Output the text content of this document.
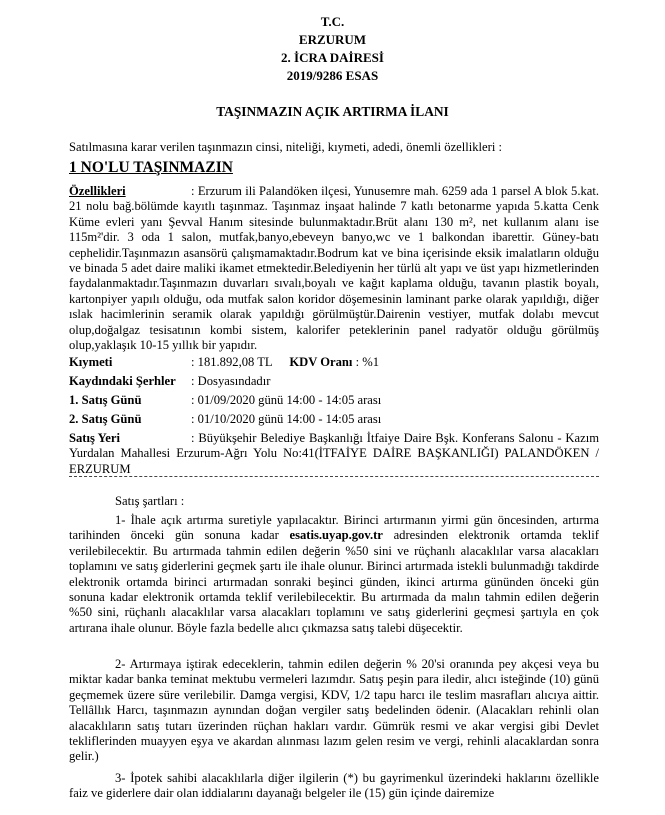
T.C.
ERZURUM
2. İCRA DAİRESİ
2019/9286 ESAS
TAŞINMAZIN AÇIK ARTIRMA İLANI
Satılmasına karar verilen taşınmazın cinsi, niteliği, kıymeti, adedi, önemli özellikleri :
1 NO'LU TAŞINMAZIN
Özellikleri	: Erzurum ili Palandöken ilçesi, Yunusemre mah. 6259 ada 1 parsel A blok 5.kat. 21 nolu bağ.bölümde kayıtlı taşınmaz. Taşınmaz inşaat halinde 7 katlı betonarme yapıda 5.katta Cenk Küme evleri yanı Şevval Hanım sitesinde bulunmaktadır.Brüt alanı 130 m², net kullanım alanı ise 115m²'dir. 3 oda 1 salon, mutfak,banyo,ebeveyn banyo,wc ve 1 balkondan ibarettir. Güney-batı cephelidir.Taşınmazın asansörü çalışmamaktadır.Bodrum kat ve bina içerisinde eksik imalatların olduğu ve binada 5 adet daire maliki ikamet etmektedir.Belediyenin her türlü alt yapı ve üst yapı hizmetlerinden faydalanmaktadır.Taşınmazın duvarları sıvalı,boyalı ve kağıt kaplama olduğu, tavanın plastik boyalı, kartonpiyer yapılı olduğu, oda mutfak salon koridor döşemesinin laminant parke olarak yapıldığı, diğer ıslak hacimlerinin seramik olarak yapıldığı görülmüştür.Dairenin vestiyer, mutfak dolabı mevcut olup,doğalgaz tesisatının kombi sistem, kalorifer peteklerinin panel radyatör olduğu görülmüş olup,yaklaşık 10-15 yıllık bir yapıdır.
Kıymeti	: 181.892,08 TL KDV Oranı : %1
Kaydındaki Şerhler : Dosyasındadır
1. Satış Günü	: 01/09/2020 günü 14:00 - 14:05 arası
2. Satış Günü	: 01/10/2020 günü 14:00 - 14:05 arası
Satış Yeri	: Büyükşehir Belediye Başkanlığı İtfaiye Daire Bşk. Konferans Salonu - Kazım Yurdalan Mahallesi Erzurum-Ağrı Yolu No:41(İTFAİYE DAİRE BAŞKANLIĞI) PALANDÖKEN / ERZURUM
Satış şartları :
1- İhale açık artırma suretiyle yapılacaktır. Birinci artırmanın yirmi gün öncesinden, artırma tarihinden önceki gün sonuna kadar esatis.uyap.gov.tr adresinden elektronik ortamda teklif verilebilecektir. Bu artırmada tahmin edilen değerin %50 sini ve rüçhanlı alacaklılar varsa alacakları toplamını ve satış giderlerini geçmek şartı ile ihale olunur. Birinci artırmada istekli bulunmadığı takdirde elektronik ortamda birinci artırmadan sonraki beşinci günden, ikinci artırma gününden önceki gün sonuna kadar elektronik ortamda teklif verilebilecektir. Bu artırmada da malın tahmin edilen değerin %50 sini, rüçhanlı alacaklılar varsa alacakları toplamını ve satış giderlerini geçmesi şartıyla en çok artırana ihale olunur. Böyle fazla bedelle alıcı çıkmazsa satış talebi düşecektir.
2- Artırmaya iştirak edeceklerin, tahmin edilen değerin % 20'si oranında pey akçesi veya bu miktar kadar banka teminat mektubu vermeleri lazımdır. Satış peşin para iledir, alıcı isteğinde (10) günü geçmemek üzere süre verilebilir. Damga vergisi, KDV, 1/2 tapu harcı ile teslim masrafları alıcıya aittir. Tellâllık Harcı, taşınmazın aynından doğan vergiler satış bedelinden ödenir. (Alacakları rehinli olan alacaklıların satış tutarı üzerinden rüçhan hakları vardır. Gümrük resmi ve akar vergisi gibi Devlet tekliflerinden muayyen eşya ve akardan alınması lazım gelen resim ve vergi, rehinli alacaklardan sonra gelir.)
3- İpotek sahibi alacaklılarla diğer ilgilerin (*) bu gayrimenkul üzerindeki haklarını özellikle faiz ve giderlere dair olan iddialarını dayanağı belgeler ile (15) gün içinde dairemize
